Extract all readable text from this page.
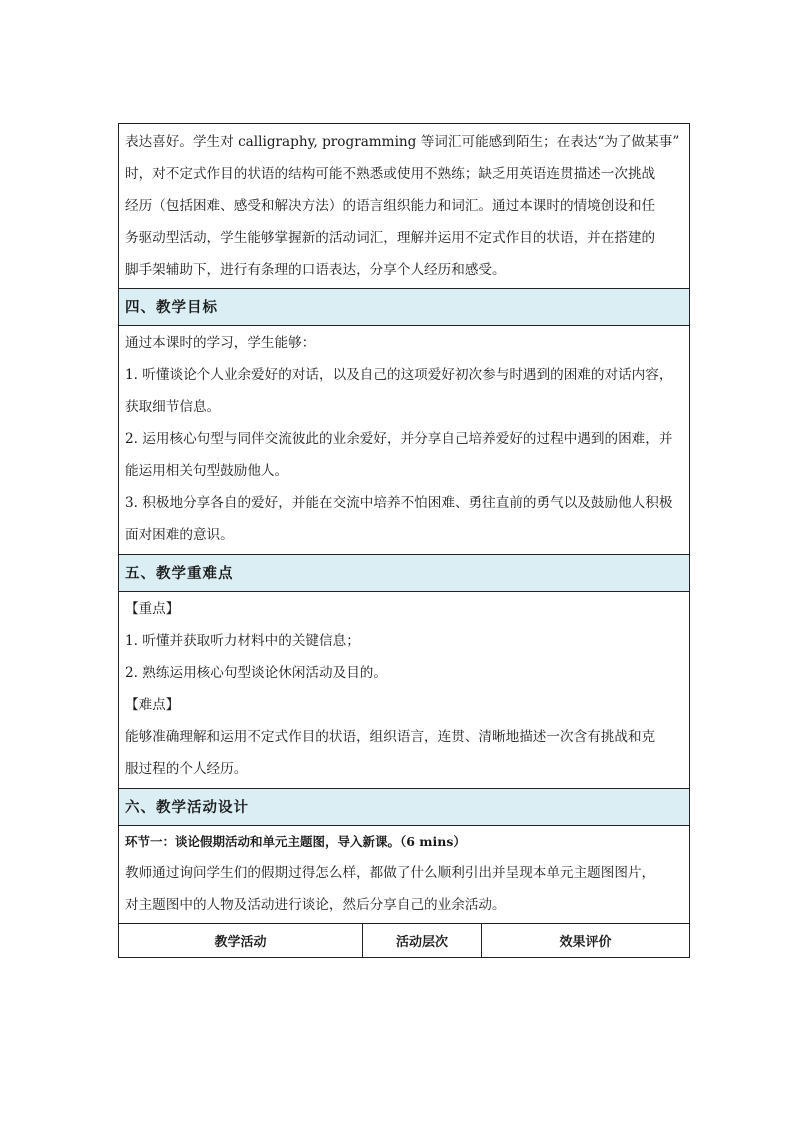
表达喜好。学生对 calligraphy, programming 等词汇可能感到陌生；在表达“为了做某事”

时，对不定式作目的状语的结构可能不熟悉或使用不熟练；缺乏用英语连贯描述一次挑战

经历（包括困难、感受和解决方法）的语言组织能力和词汇。通过本课时的情境创设和任

务驱动型活动，学生能够掌握新的活动词汇，理解并运用不定式作目的状语，并在搭建的

脚手架辅助下，进行有条理的口语表达，分享个人经历和感受。

四、教学目标

通过本课时的学习，学生能够：

1. 听懂谈论个人业余爱好的对话，以及自己的这项爱好初次参与时遇到的困难的对话内容，

获取细节信息。

2. 运用核心句型与同伴交流彼此的业余爱好，并分享自己培养爱好的过程中遇到的困难，并

能运用相关句型鼓励他人。

3. 积极地分享各自的爱好，并能在交流中培养不怕困难、勇往直前的勇气以及鼓励他人积极

面对困难的意识。

五、教学重难点

【重点】

1. 听懂并获取听力材料中的关键信息；

2. 熟练运用核心句型谈论休闲活动及目的。

【难点】

能够准确理解和运用不定式作目的状语，组织语言，连贯、清晰地描述一次含有挑战和克

服过程的个人经历。

六、教学活动设计

环节一：谈论假期活动和单元主题图，导入新课。（6 mins）

教师通过询问学生们的假期过得怎么样，都做了什么顺利引出并呈现本单元主题图图片，

对主题图中的人物及活动进行谈论，然后分享自己的业余活动。

教学活动	活动层次	效果评价
